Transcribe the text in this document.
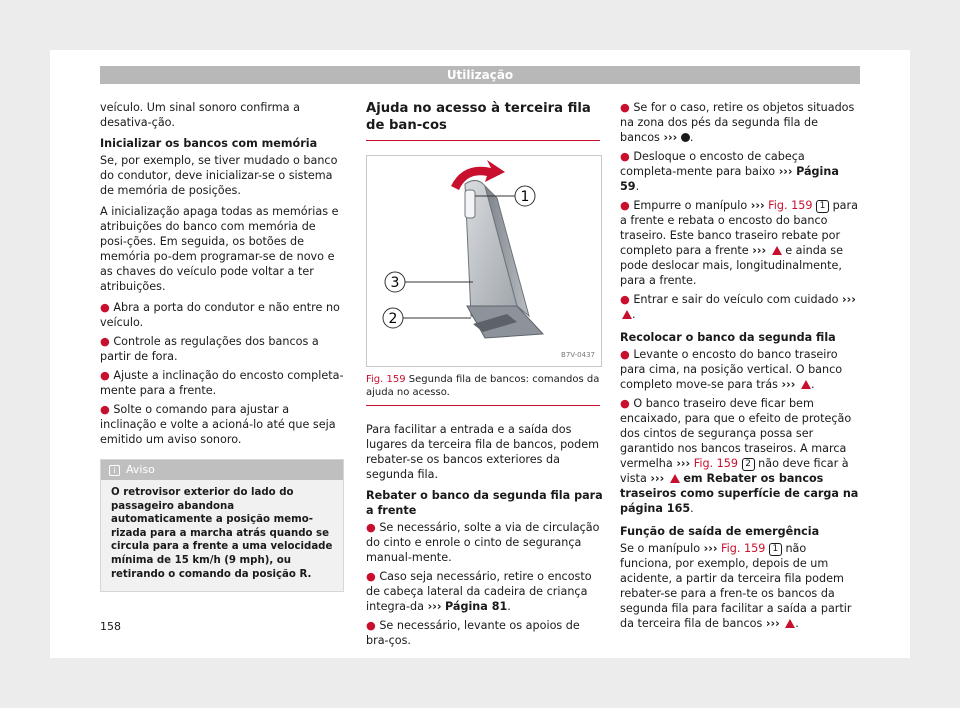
Utilização

veículo. Um sinal sonoro confirma a desativa-ção.

Inicializar os bancos com memória

Se, por exemplo, se tiver mudado o banco do condutor, deve inicializar-se o sistema de memória de posições.

A inicialização apaga todas as memórias e atribuições do banco com memória de posi-ções. Em seguida, os botões de memória po-dem programar-se de novo e as chaves do veículo pode voltar a ter atribuições.

● Abra a porta do condutor e não entre no veículo.

● Controle as regulações dos bancos a partir de fora.

● Ajuste a inclinação do encosto completa-mente para a frente.

● Solte o comando para ajustar a inclinação e volte a acioná-lo até que seja emitido um aviso sonoro.

i Aviso
O retrovisor exterior do lado do passageiro abandona automaticamente a posição memo-rizada para a marcha atrás quando se circula para a frente a uma velocidade mínima de 15 km/h (9 mph), ou retirando o comando da posição R.
Ajuda no acesso à terceira fila de ban-cos
1
3
2
B7V-0437

Fig. 159 Segunda fila de bancos: comandos da ajuda no acesso.

Para facilitar a entrada e a saída dos lugares da terceira fila de bancos, podem rebater-se os bancos exteriores da segunda fila.

Rebater o banco da segunda fila para a frente

● Se necessário, solte a via de circulação do cinto e enrole o cinto de segurança manual-mente.

● Caso seja necessário, retire o encosto de cabeça lateral da cadeira de criança integra-da ››› Página 81.

● Se necessário, levante os apoios de bra-ços.

● Se for o caso, retire os objetos situados na zona dos pés da segunda fila de bancos ››› .

● Desloque o encosto de cabeça completa-mente para baixo ››› Página 59.

● Empurre o manípulo ››› Fig. 159 1 para a frente e rebata o encosto do banco traseiro. Este banco traseiro rebate por completo para a frente ››› e ainda se pode deslocar mais, longitudinalmente, para a frente.

● Entrar e sair do veículo com cuidado ››› .

Recolocar o banco da segunda fila

● Levante o encosto do banco traseiro para cima, na posição vertical. O banco completo move-se para trás ››› .

● O banco traseiro deve ficar bem encaixado, para que o efeito de proteção dos cintos de segurança possa ser garantido nos bancos traseiros. A marca vermelha ››› Fig. 159 2 não deve ficar à vista ››› em Rebater os bancos traseiros como superfície de carga na página 165.

Função de saída de emergência

Se o manípulo ››› Fig. 159 1 não funciona, por exemplo, depois de um acidente, a partir da terceira fila podem rebater-se para a fren-te os bancos da segunda fila para facilitar a saída a partir da terceira fila de bancos ››› .

158
